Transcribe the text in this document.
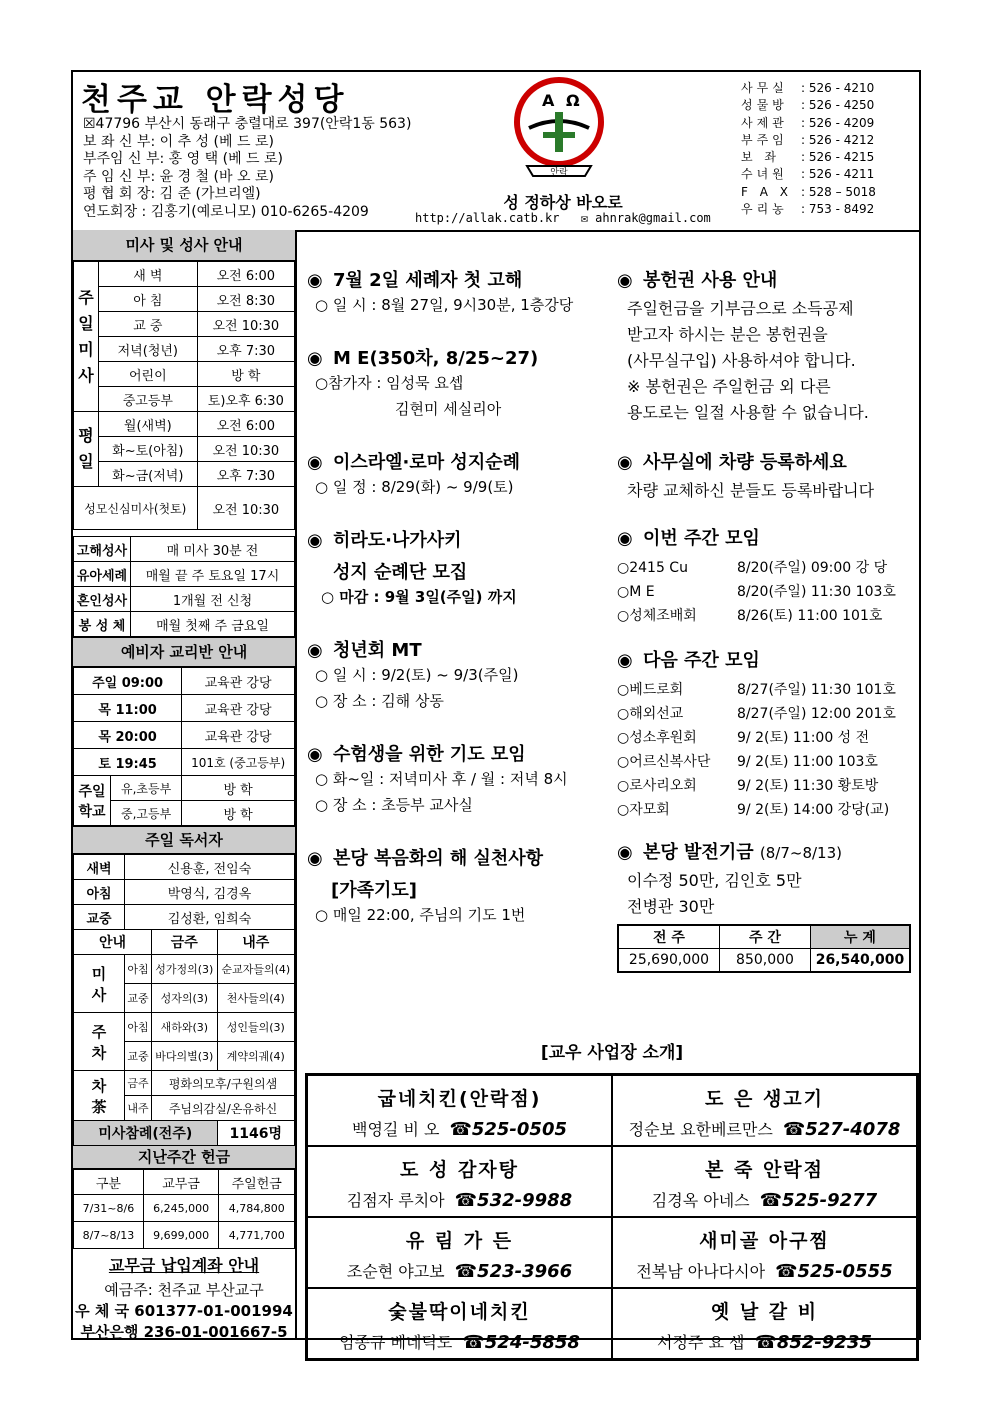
천주교 안락성당
☒47796 부산시 동래구 충렬대로 397(안락1동 563)
보 좌 신 부: 이 추 성 (베 드 로)
부주임 신 부: 홍 영 택 (베 드 로)
주 임 신 부: 윤 경 철 (바 오 로)
평 협 회 장: 김 준 (가브리엘)
연도회장 : 김홍기(예로니모) 010-6265-4209
A Ω
안락
성 정하상 바오로
http://allak.catb.kr ✉ ahnrak@gmail.com
사무실	: 526 - 4210
성물방	: 526 - 4250
사제관	: 526 - 4209
부주임	: 526 - 4212
보 좌	: 526 - 4215
수녀원	: 526 - 4211
F A X : 528 – 5018
우리농	: 753 - 8492
미사 및 성사 안내
주
일
미
사	새 벽	오전 6:00
	아 침	오전 8:30
	교 중	오전 10:30
	저녁(청년)	오후 7:30
	어린이	방 학
	중고등부	토)오후 6:30
평
일	월(새벽)	오전 6:00
	화~토(아침)	오전 10:30
	화~금(저녁)	오후 7:30
성모신심미사(첫토)		오전 10:30
고해성사	매 미사 30분 전
유아세례	매월 끝 주 토요일 17시
혼인성사	1개월 전 신청
봉 성 체	매월 첫째 주 금요일
예비자 교리반 안내
주일 09:00		교육관 강당
목 11:00		교육관 강당
목 20:00		교육관 강당
토 19:45		101호 (중고등부)
주일
학교	유,초등부	방 학
	중,고등부	방 학
주일 독서자
새벽	신용훈, 전임숙		
아침	박영식, 김경옥		
교중	김성환, 임희숙		
안내		금주	내주
미
사	아침	성가정의(3)	순교자들의(4)
	교중	성자의(3)	천사들의(4)
주
차	아침	새하와(3)	성인들의(3)
	교중	바다의별(3)	계약의궤(4)
차
茶	금주	평화의모후/구원의샘	
	내주	주님의감실/온유하신	
미사참례(전주)			1146명
지난주간 헌금
구분	교무금	주일헌금
7/31~8/6	6,245,000	4,784,800
8/7~8/13	9,699,000	4,771,700
교무금 납입계좌 안내
예금주: 천주교 부산교구
우 체 국 601377-01-001994
부산은행 236-01-001667-5

◉ 7월 2일 세례자 첫 고해

○ 일 시 : 8월 27일, 9시30분, 1층강당

◉ M E(350차, 8/25~27)

○참가자 : 임성묵 요셉
김현미 세실리아

◉ 이스라엘·로마 성지순례

○ 일 정 : 8/29(화) ~ 9/9(토)

◉ 히라도·나가사키

성지 순례단 모집

○ 마감 : 9월 3일(주일) 까지

◉ 청년회 MT

○ 일 시 : 9/2(토) ~ 9/3(주일)
○ 장 소 : 김해 상동

◉ 수험생을 위한 기도 모임

○ 화~일 : 저녁미사 후 / 월 : 저녁 8시
○ 장 소 : 초등부 교사실

◉ 본당 복음화의 해 실천사항

[가족기도]

○ 매일 22:00, 주님의 기도 1번

◉ 봉헌권 사용 안내

주일헌금을 기부금으로 소득공제
받고자 하시는 분은 봉헌권을
(사무실구입) 사용하셔야 합니다.
※ 봉헌권은 주일헌금 외 다른
용도로는 일절 사용할 수 없습니다.

◉ 사무실에 차량 등록하세요

차량 교체하신 분들도 등록바랍니다

◉ 이번 주간 모임

○2415 Cu	8/20(주일) 09:00 강 당
○M E	8/20(주일) 11:30 103호
○성체조배회	8/26(토) 11:00 101호

◉ 다음 주간 모임

○베드로회	8/27(주일) 11:30 101호
○해외선교	8/27(주일) 12:00 201호
○성소후원회	9/ 2(토) 11:00 성 전
○어르신복사단	9/ 2(토) 11:00 103호
○로사리오회	9/ 2(토) 11:30 황토방
○자모회	9/ 2(토) 14:00 강당(교)

◉ 본당 발전기금 (8/7~8/13)

이수정 50만, 김인호 5만
전병관 30만
전 주	주 간	누 계
25,690,000	850,000	26,540,000
[교우 사업장 소개]
굽네치킨(안락점)
백영길 비 오 ☎525-0505
도 은 생고기
정순보 요한베르만스 ☎527-4078
도 성 감자탕
김점자 루치아 ☎532-9988
본 죽 안락점
김경옥 아네스 ☎525-9277
유 림 가 든
조순현 야고보 ☎523-3966
새미골 아구찜
전복남 아나다시아 ☎525-0555
숯불딱이네치킨
임종규 베네딕도 ☎524-5858
옛 날 갈 비
서정주 요 셉 ☎852-9235
